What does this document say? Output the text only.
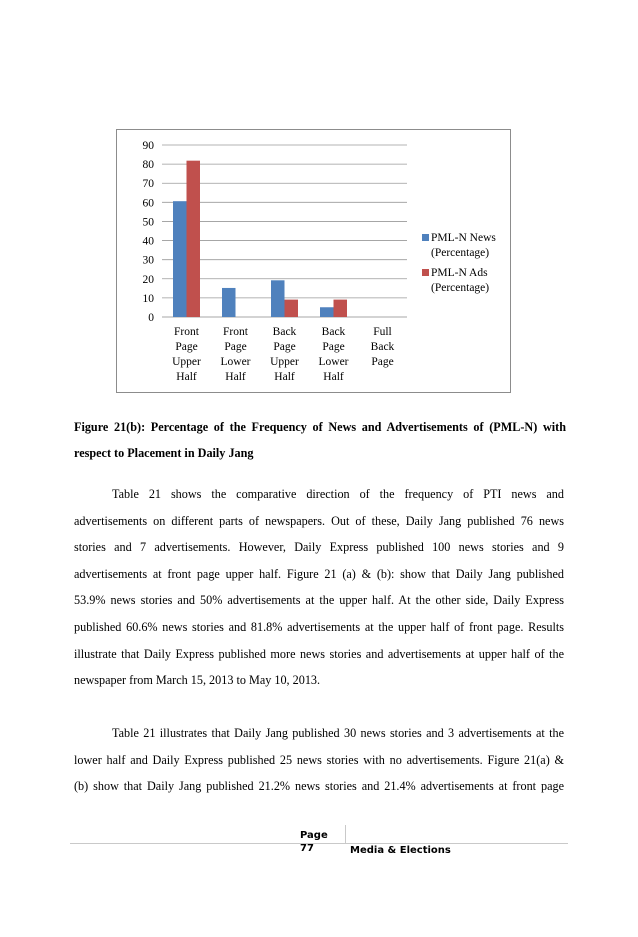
0
10
20
30
40
50
60
70
80
90
Front
Page
Upper
Half
Front
Page
Lower
Half
Back
Page
Upper
Half
Back
Page
Lower
Half
Full
Back
Page
PML-N News
(Percentage)
PML-N Ads
(Percentage)
Figure 21(b): Percentage of the Frequency of News and Advertisements of (PML-N) with
respect to Placement in Daily Jang
Table 21 shows the comparative direction of the frequency of PTI news and
advertisements on different parts of newspapers. Out of these, Daily Jang published 76 news
stories and 7 advertisements. However, Daily Express published 100 news stories and 9
advertisements at front page upper half. Figure 21 (a) & (b): show that Daily Jang published
53.9% news stories and 50% advertisements at the upper half. At the other side, Daily Express
published 60.6% news stories and 81.8% advertisements at the upper half of front page. Results
illustrate that Daily Express published more news stories and advertisements at upper half of the
newspaper from March 15, 2013 to May 10, 2013.
Table 21 illustrates that Daily Jang published 30 news stories and 3 advertisements at the
lower half and Daily Express published 25 news stories with no advertisements. Figure 21(a) &
(b) show that Daily Jang published 21.2% news stories and 21.4% advertisements at front page
Page
77	Media & Elections
